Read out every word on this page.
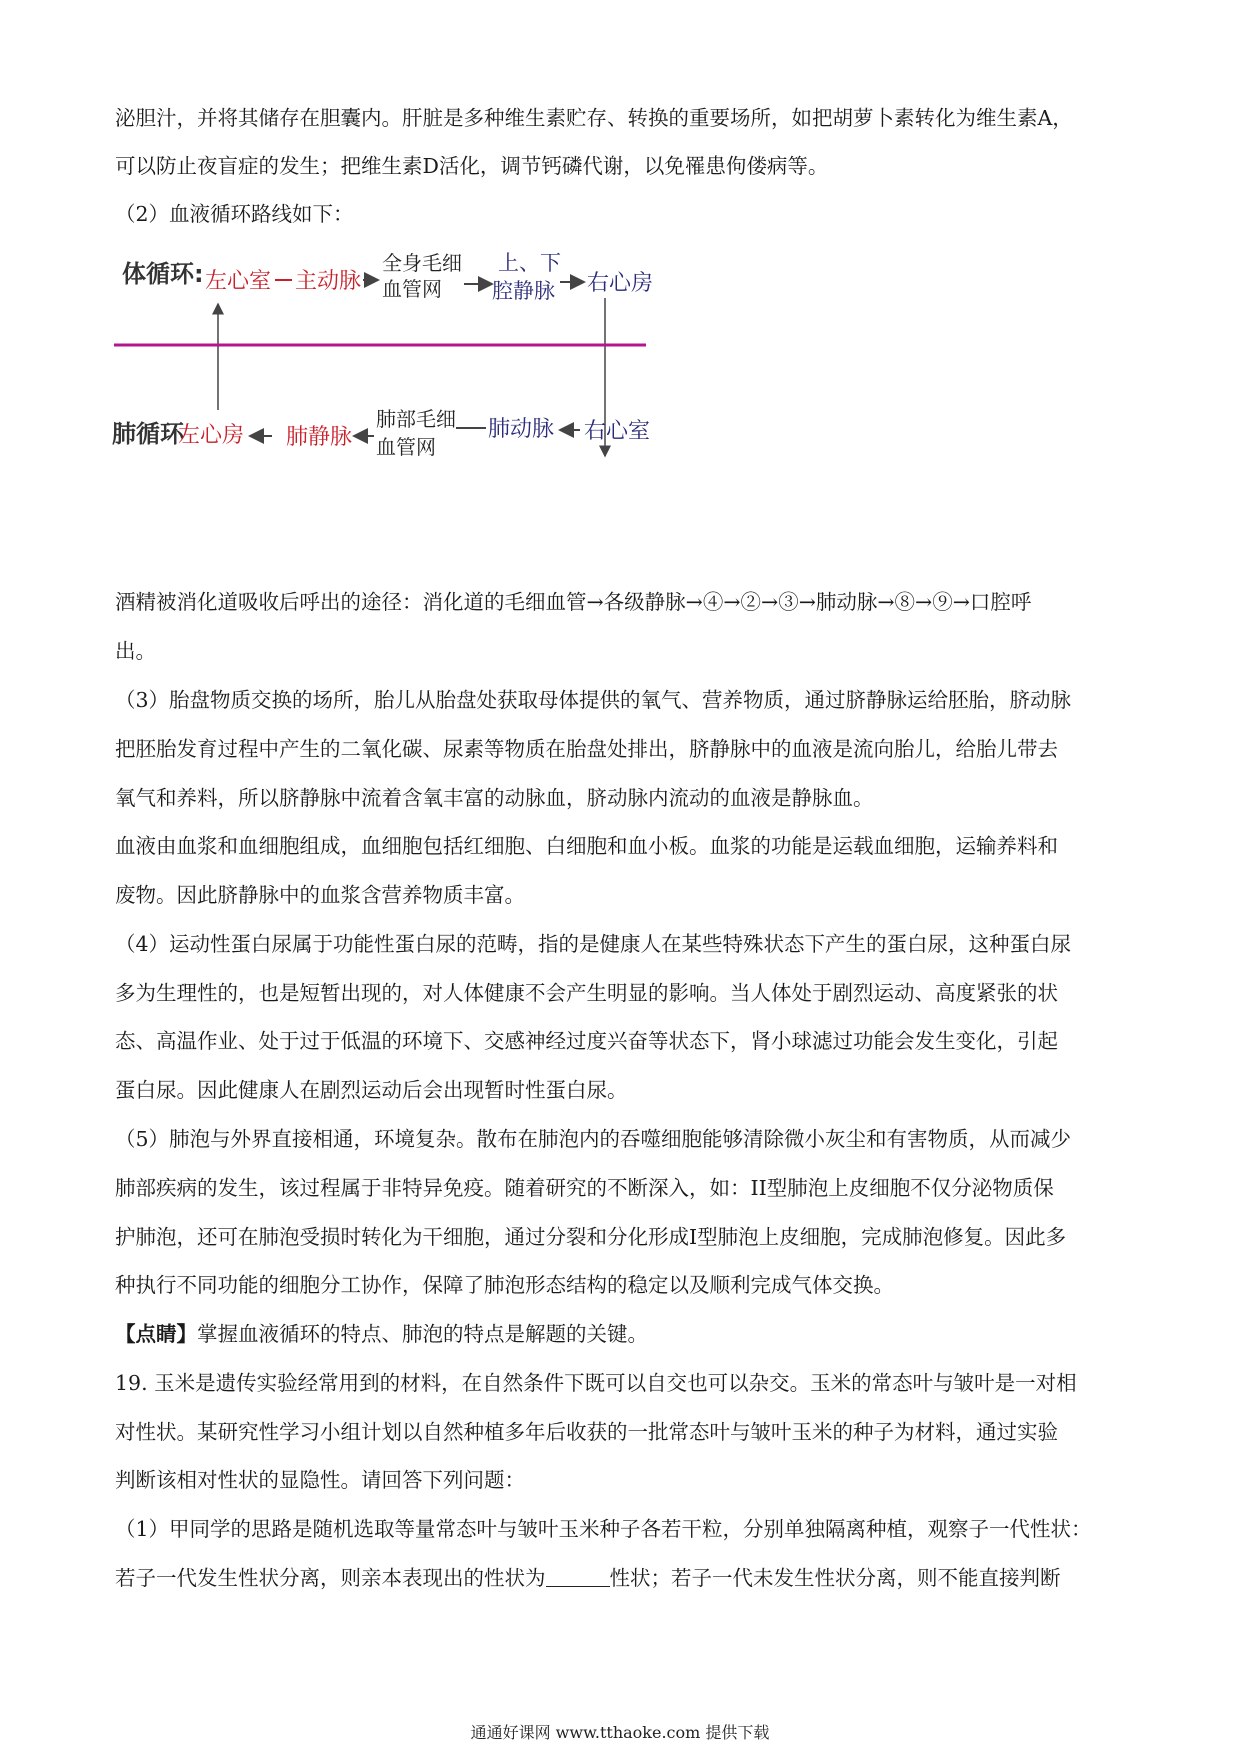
泌胆汁，并将其储存在胆囊内。肝脏是多种维生素贮存、转换的重要场所，如把胡萝卜素转化为维生素A，
可以防止夜盲症的发生；把维生素D活化，调节钙磷代谢，以免罹患佝偻病等。
（2）血液循环路线如下：
体循环: 左心室 主动脉
全身毛细
血管网
上、下
腔静脉 右心房
肺循环
左心房 肺静脉
肺部毛细
血管网
肺动脉 右心室
酒精被消化道吸收后呼出的途径：消化道的毛细血管→各级静脉→④→②→③→肺动脉→⑧→⑨→口腔呼
出。
（3）胎盘物质交换的场所，胎儿从胎盘处获取母体提供的氧气、营养物质，通过脐静脉运给胚胎，脐动脉
把胚胎发育过程中产生的二氧化碳、尿素等物质在胎盘处排出，脐静脉中的血液是流向胎儿，给胎儿带去
氧气和养料，所以脐静脉中流着含氧丰富的动脉血，脐动脉内流动的血液是静脉血。
血液由血浆和血细胞组成，血细胞包括红细胞、白细胞和血小板。血浆的功能是运载血细胞，运输养料和
废物。因此脐静脉中的血浆含营养物质丰富。
（4）运动性蛋白尿属于功能性蛋白尿的范畴，指的是健康人在某些特殊状态下产生的蛋白尿，这种蛋白尿
多为生理性的，也是短暂出现的，对人体健康不会产生明显的影响。当人体处于剧烈运动、高度紧张的状
态、高温作业、处于过于低温的环境下、交感神经过度兴奋等状态下，肾小球滤过功能会发生变化，引起
蛋白尿。因此健康人在剧烈运动后会出现暂时性蛋白尿。
（5）肺泡与外界直接相通，环境复杂。散布在肺泡内的吞噬细胞能够清除微小灰尘和有害物质，从而减少
肺部疾病的发生，该过程属于非特异免疫。随着研究的不断深入，如：II型肺泡上皮细胞不仅分泌物质保
护肺泡，还可在肺泡受损时转化为干细胞，通过分裂和分化形成I型肺泡上皮细胞，完成肺泡修复。因此多
种执行不同功能的细胞分工协作，保障了肺泡形态结构的稳定以及顺利完成气体交换。
【点睛】掌握血液循环的特点、肺泡的特点是解题的关键。
19. 玉米是遗传实验经常用到的材料，在自然条件下既可以自交也可以杂交。玉米的常态叶与皱叶是一对相
对性状。某研究性学习小组计划以自然种植多年后收获的一批常态叶与皱叶玉米的种子为材料，通过实验
判断该相对性状的显隐性。请回答下列问题：
（1）甲同学的思路是随机选取等量常态叶与皱叶玉米种子各若干粒，分别单独隔离种植，观察子一代性状：
若子一代发生性状分离，则亲本表现出的性状为	性状；若子一代未发生性状分离，则不能直接判断
通通好课网 www.tthaoke.com 提供下载
